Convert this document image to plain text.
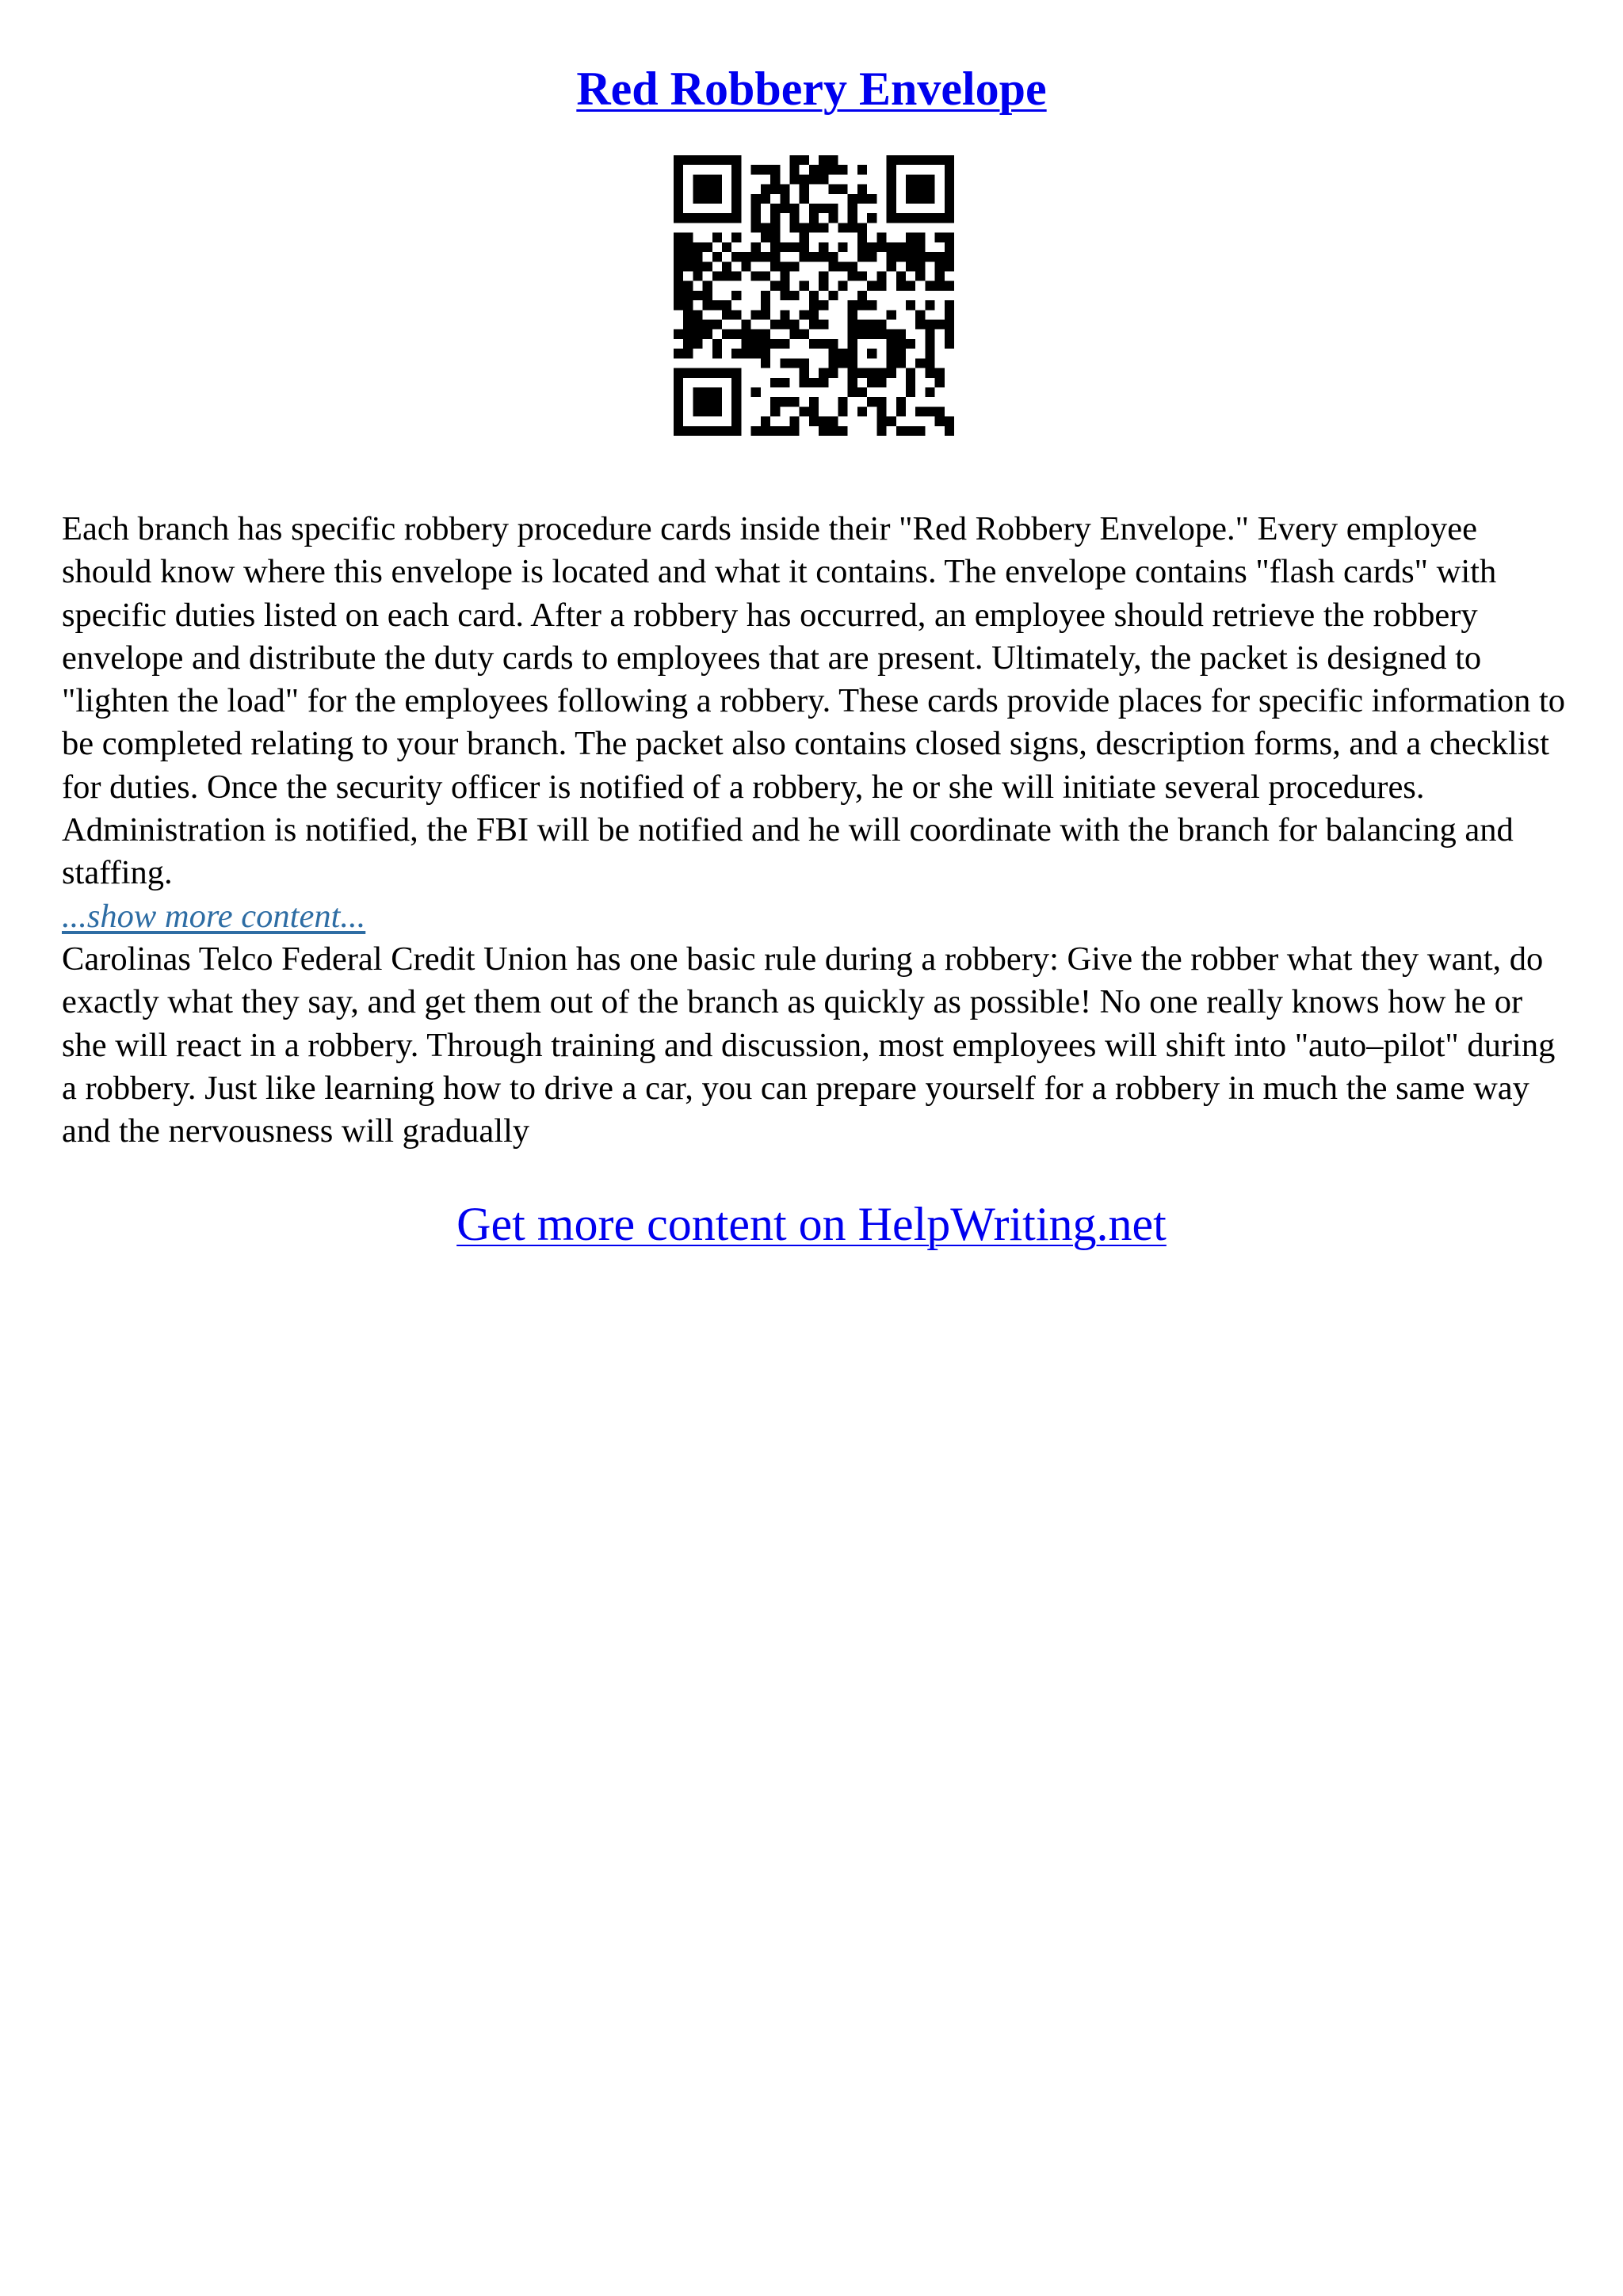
Red Robbery Envelope

Each branch has specific robbery procedure cards inside their "Red Robbery Envelope." Every employee should know where this envelope is located and what it contains. The envelope contains "flash cards" with specific duties listed on each card. After a robbery has occurred, an employee should retrieve the robbery envelope and distribute the duty cards to employees that are present. Ultimately, the packet is designed to "lighten the load" for the employees following a robbery. These cards provide places for specific information to be completed relating to your branch. The packet also contains closed signs, description forms, and a checklist for duties. Once the security officer is notified of a robbery, he or she will initiate several procedures. Administration is notified, the FBI will be notified and he will coordinate with the branch for balancing and staffing.

...show more content...

Carolinas Telco Federal Credit Union has one basic rule during a robbery: Give the robber what they want, do exactly what they say, and get them out of the branch as quickly as possible! No one really knows how he or she will react in a robbery. Through training and discussion, most employees will shift into "auto–pilot" during a robbery. Just like learning how to drive a car, you can prepare yourself for a robbery in much the same way and the nervousness will gradually

Get more content on HelpWriting.net
